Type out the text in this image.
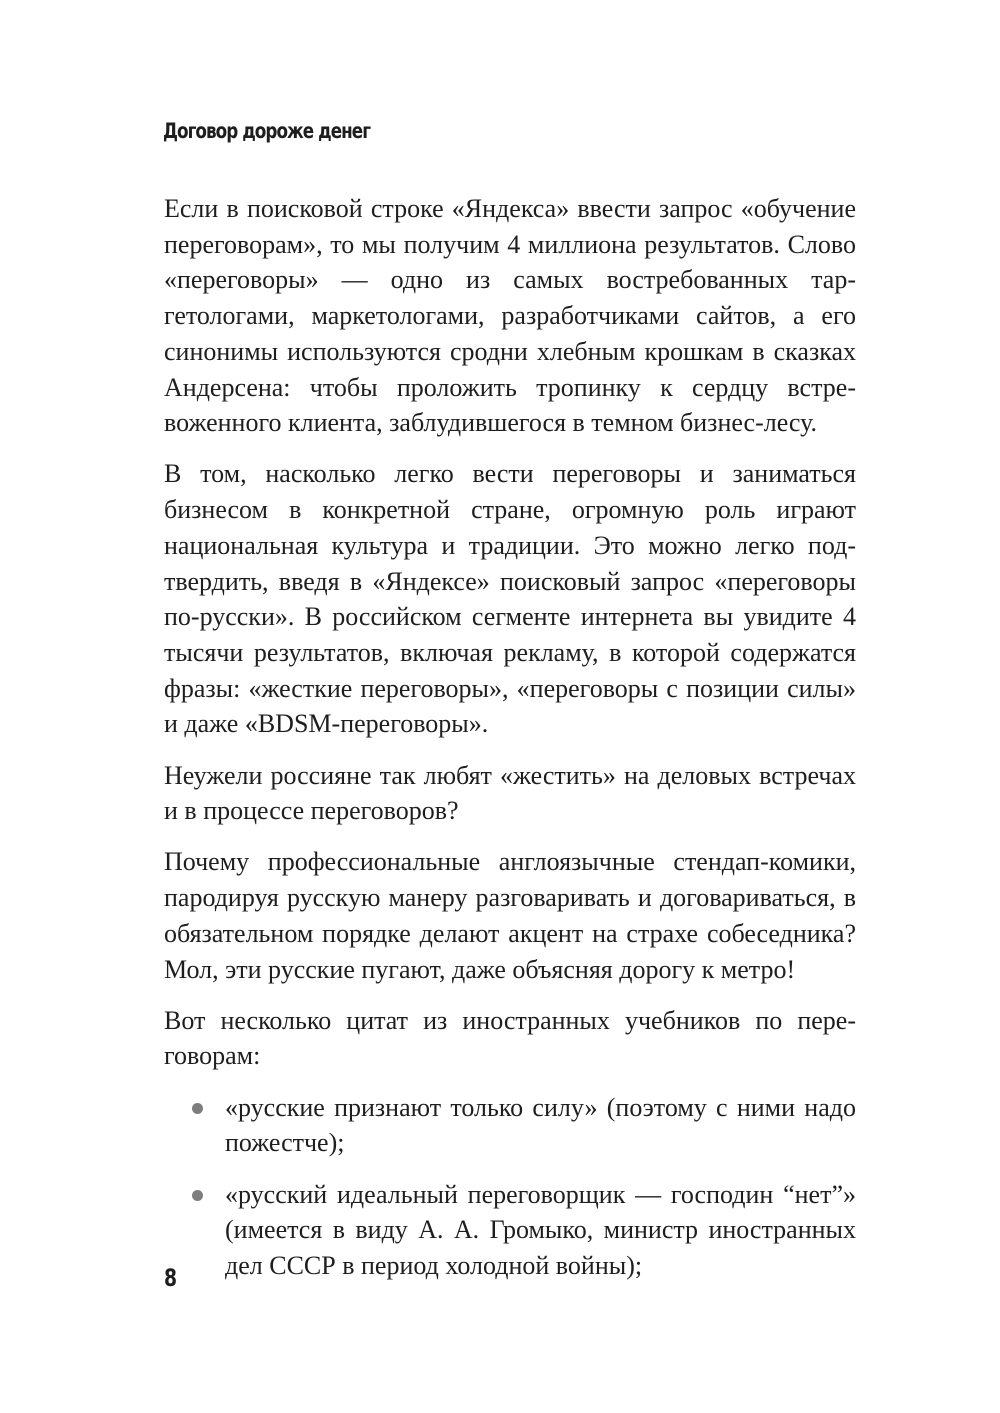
Договор дороже денег

Если в поисковой строке «Яндекса» ввести запрос «обучение переговорам», то мы получим 4 миллиона результатов. Слово «переговоры» — одно из самых востребованных таргетологами, маркетологами, разработчиками сайтов, а его синонимы используются сродни хлебным крошкам в сказках Андерсена: чтобы проложить тропинку к сердцу встревоженного клиента, заблудившегося в темном бизнес-лесу.

В том, насколько легко вести переговоры и заниматься бизнесом в конкретной стране, огромную роль играют национальная культура и традиции. Это можно легко подтвердить, введя в «Яндексе» поисковый запрос «переговоры по-русски». В российском сегменте интернета вы увидите 4 тысячи результатов, включая рекламу, в которой содержатся фразы: «жесткие переговоры», «переговоры с позиции силы» и даже «BDSM-переговоры».

Неужели россияне так любят «жестить» на деловых встречах и в процессе переговоров?

Почему профессиональные англоязычные стендап-комики, пародируя русскую манеру разговаривать и договариваться, в обязательном порядке делают акцент на страхе собеседника? Мол, эти русские пугают, даже объясняя дорогу к метро!

Вот несколько цитат из иностранных учебников по переговорам:

«русские признают только силу» (поэтому с ними надо пожестче);
«русский идеальный переговорщик — господин “нет”» (имеется в виду А. А. Громыко, министр иностранных дел СССР в период холодной войны);
8
